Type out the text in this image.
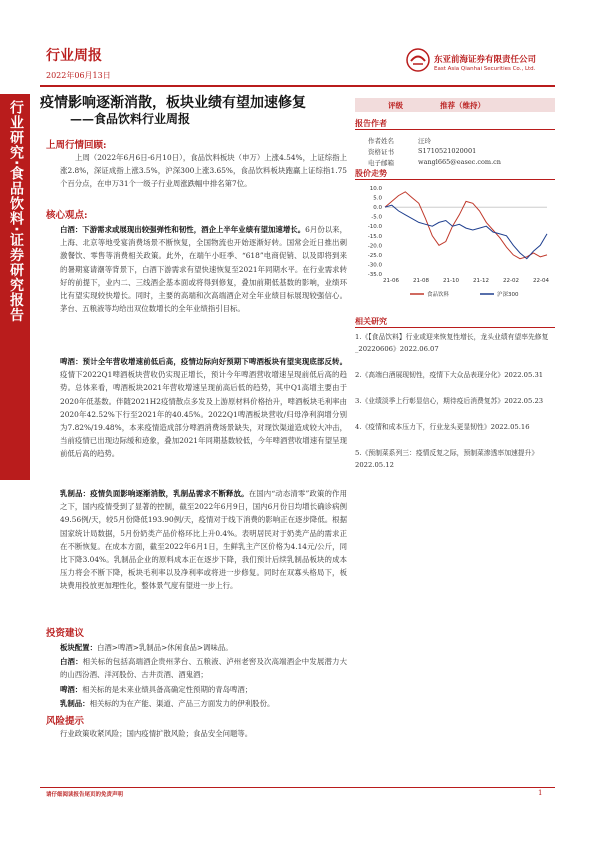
行业研究·食品饮料·证券研究报告
行业周报
2022年06月13日
东亚前海证券有限责任公司
East Asia Qianhai Securities Co., Ltd.
疫情影响逐渐消散，板块业绩有望加速修复
——食品饮料行业周报
上周行情回顾:
上周（2022年6月6日-6月10日），食品饮料板块（申万）上涨4.54%，上证综指上涨2.8%，深证成指上涨3.5%，沪深300上涨3.65%，食品饮料板块跑赢上证综指1.75个百分点，在申万31个一级子行业周涨跌幅中排名第7位。
核心观点:
白酒：下游需求或展现出较强弹性和韧性，酒企上半年业绩有望加速增长。6月份以来，上海、北京等地受宴消费场景不断恢复，全国物流也开始逐渐好转。国常会近日推出刺激餐饮、零售等消费相关政策。此外，在端午小旺季、“618”电商促销、以及即将到来的暑期宴请潮等背景下，白酒下游需求有望快速恢复至2021年同期水平。在行业需求转好的前提下，业内二、三线酒企基本面或将得到修复，叠加前期低基数的影响，业绩环比有望实现较快增长。同时，主要的高端和次高端酒企对全年业绩目标展现较强信心。茅台、五粮液等均给出双位数增长的全年业绩指引目标。
啤酒：预计全年营收增速前低后高，疫情边际向好预期下啤酒板块有望実现底部反转。疫情下2022Q1啤酒板块营收仍实现正增长，预计今年啤酒营收增速呈现前低后高的趋势。总体来看，啤酒板块2021年营收增速呈现前高后低的趋势，其中Q1高增主要由于2020年低基数。伴随2021H2疫情散点多发及上游原材料价格抬升，啤酒板块毛利率由2020年42.52%下行至2021年的40.45%。2022Q1啤酒板块营收/归母净利润增分别为7.82%/19.48%，本来疫情造成部分啤酒消费场景缺失，对现饮渠道造成较大冲击，当前疫情已出现边际缓和迹象，叠加2021年同期基数较低，今年啤酒营收增速有望呈现前低后高的趋势。
乳制品：疫情负面影响逐渐消散，乳制品需求不断释放。在国内“动态清零”政策的作用之下，国内疫情受到了显著的控制，截至2022年6月9日，国内6月份日均增长确诊病例49.56例/天，较5月份降低193.90例/天，疫情对于线下消费的影响正在逐步降低。根据国家统计局数据，5月份奶类产品价格环比上升0.4%。表明居民对于奶类产品的需求正在不断恢复。在成本方面，截至2022年6月1日，生鲜乳主产区价格为4.14元/公斤，同比下降3.04%。乳制品企业的原料成本正在逐步下降，我们预计后续乳制品板块的成本压力将会不断下降，板块毛利率以及净利率或将进一步修复。同时在双寡头格局下，板块费用投放更加理性化，整体景气度有望进一步上行。
投资建议
板块配置：白酒>啤酒>乳制品>休闲食品>调味品。
白酒：相关标的包括高端酒企贵州茅台、五粮液、泸州老窖及次高端酒企中发展潜力大的山西汾酒、洋河股份、古井贡酒、酒鬼酒；
啤酒：相关标的是未来业绩具备高确定性预期的青岛啤酒；
乳制品：相关标的为在产能、渠道、产品三方面发力的伊利股份。
风险提示
行业政策收紧风险；国内疫情扩散风险；食品安全问题等。
评级	推荐（维持）
报告作者
作者姓名	汪玲
资格证书	S1710521020001
电子邮箱	wangl665@easec.com.cn
股价走势
10.0
5.0
0.0
-5.0
-10.0
-15.0
-20.0
-25.0
-30.0
-35.0
21-06	21-08	21-10	21-12	22-02	22-04
食品饮料	沪深300
相关研究
1.《【食品饮料】行业或迎来恢复性增长，龙头业绩有望率先修复_20220606》2022.06.07
2.《高端白酒展现韧性，疫情下大众品表现分化》2022.05.31
3.《业绩淡季上行彰显信心，期待疫后消费复苏》2022.05.23
4.《疫情和成本压力下，行业龙头更显韧性》2022.05.16
5.《预制菜系列三：疫情反复之际，预制菜渗透率加速提升》2022.05.12
请仔细阅读报告尾页的免责声明	1
